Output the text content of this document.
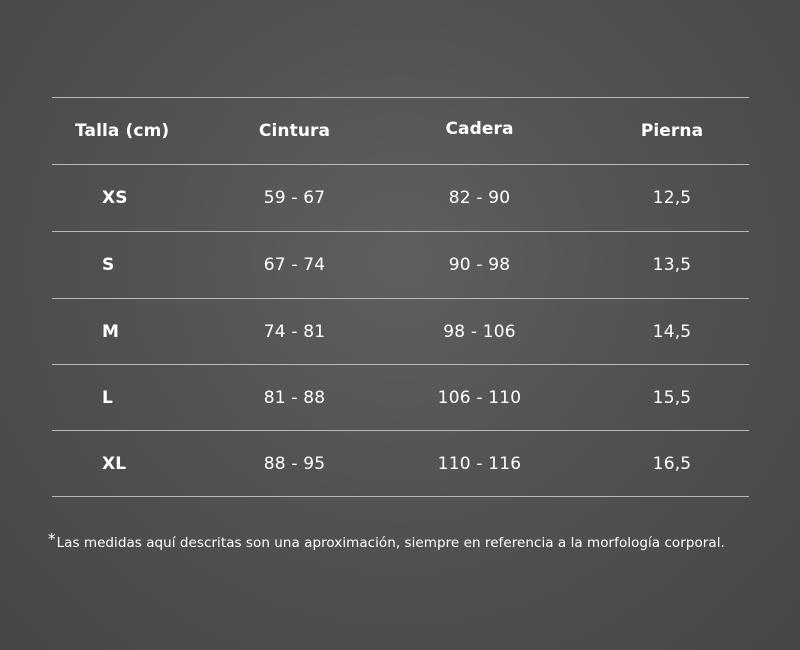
Talla (cm)	Cintura	Cadera	Pierna
XS	59 - 67	82 - 90	12,5
S	67 - 74	90 - 98	13,5
M	74 - 81	98 - 106	14,5
L	81 - 88	106 - 110	15,5
XL	88 - 95	110 - 116	16,5
*Las medidas aquí descritas son una aproximación, siempre en referencia a la morfología corporal.
